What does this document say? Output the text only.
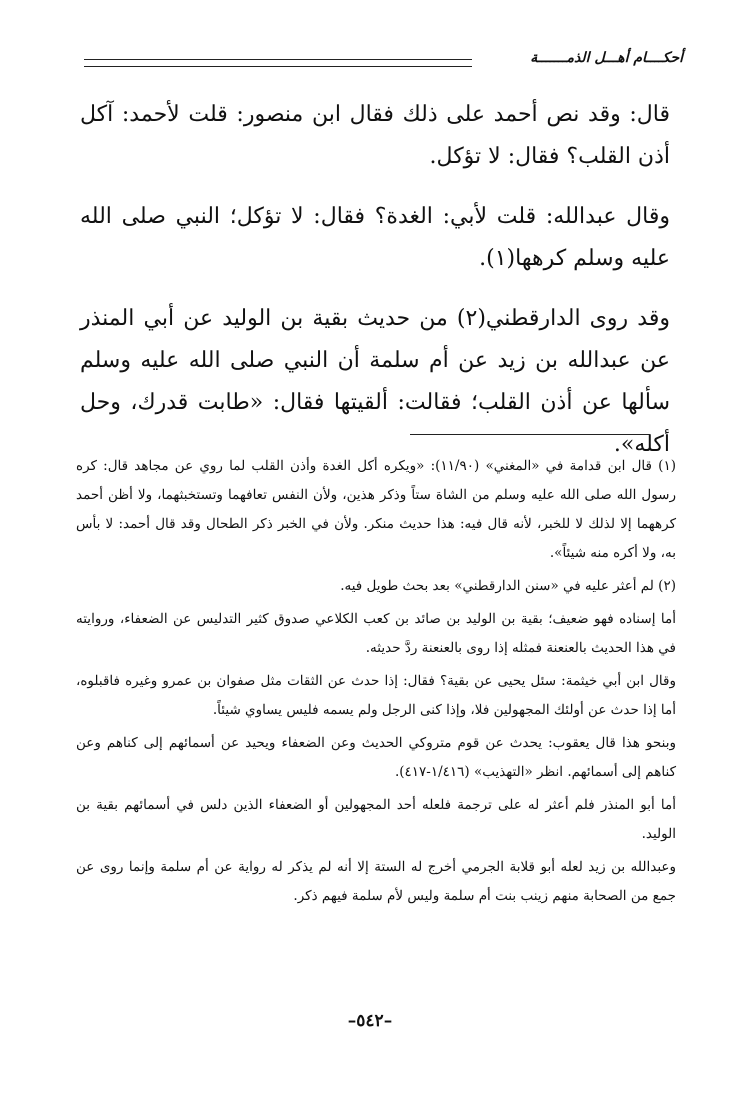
أحكــــام أهـــل الذمـــــــة

قال: وقد نص أحمد على ذلك فقال ابن منصور: قلت لأحمد: آكل أذن القلب؟ فقال: لا تؤكل.

وقال عبدالله: قلت لأبي: الغدة؟ فقال: لا تؤكل؛ النبي صلى الله عليه وسلم كرهها(١).

وقد روى الدارقطني(٢) من حديث بقية بن الوليد عن أبي المنذر عن عبدالله بن زيد عن أم سلمة أن النبي صلى الله عليه وسلم سألها عن أذن القلب؛ فقالت: ألقيتها فقال: «طابت قدرك، وحل أكله».

(١) قال ابن قدامة في «المغني» (١١/٩٠): «ويكره أكل الغدة وأذن القلب لما روي عن مجاهد قال: كره رسول الله صلى الله عليه وسلم من الشاة ستاً وذكر هذين، ولأن النفس تعافهما وتستخبثهما، ولا أظن أحمد كرههما إلا لذلك لا للخبر، لأنه قال فيه: هذا حديث منكر. ولأن في الخبر ذكر الطحال وقد قال أحمد: لا بأس به، ولا أكره منه شيئاً».

(٢) لم أعثر عليه في «سنن الدارقطني» بعد بحث طويل فيه.

أما إسناده فهو ضعيف؛ بقية بن الوليد بن صائد بن كعب الكلاعي صدوق كثير التدليس عن الضعفاء، وروايته في هذا الحديث بالعنعنة فمثله إذا روى بالعنعنة ردَّ حديثه.

وقال ابن أبي خيثمة: سئل يحيى عن بقية؟ فقال: إذا حدث عن الثقات مثل صفوان بن عمرو وغيره فاقبلوه، أما إذا حدث عن أولئك المجهولين فلا، وإذا كنى الرجل ولم يسمه فليس يساوي شيئاً.

وبنحو هذا قال يعقوب: يحدث عن قوم متروكي الحديث وعن الضعفاء ويحيد عن أسمائهم إلى كناهم وعن كناهم إلى أسمائهم. انظر «التهذيب» (١/٤١٦-٤١٧).

أما أبو المنذر فلم أعثر له على ترجمة فلعله أحد المجهولين أو الضعفاء الذين دلس في أسمائهم بقية بن الوليد.

وعبدالله بن زيد لعله أبو قلابة الجرمي أخرج له الستة إلا أنه لم يذكر له رواية عن أم سلمة وإنما روى عن جمع من الصحابة منهم زينب بنت أم سلمة وليس لأم سلمة فيهم ذكر.

–٥٤٢–
